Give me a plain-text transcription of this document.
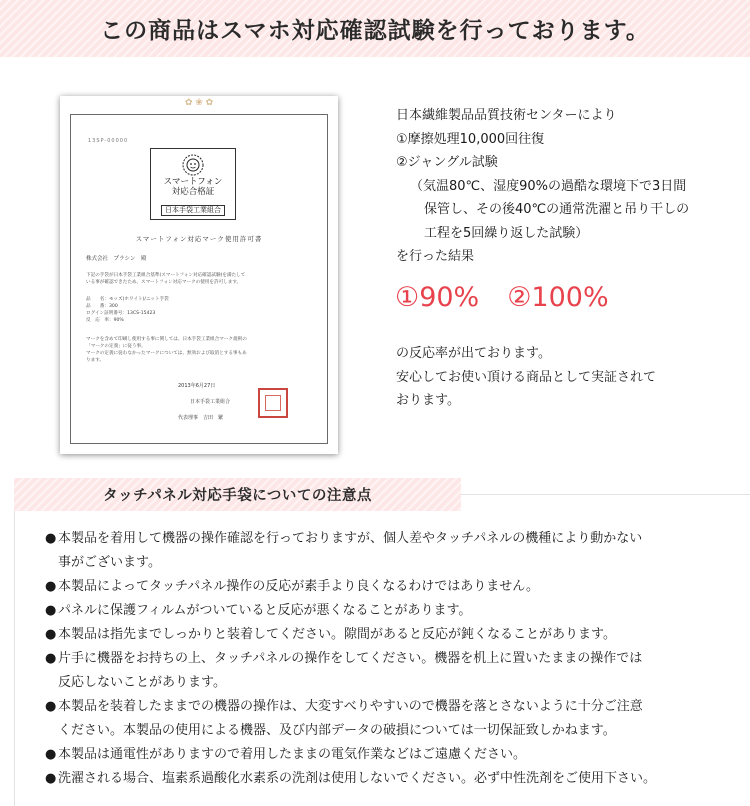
この商品はスマホ対応確認試験を行っております。
✿ ❀ ✿
13SP-00000
スマートフォン
対応合格証
日本手袋工業組合
スマートフォン対応マーク使用許可書
株式会社　プラシン　殿
下記の手袋が日本手袋工業組合基準(スマートフォン対応確認試験)を満たして
いる事が確認できたため、スマートフォン対応マークの使用を許可します。
品　　名：モッズ(ホワイト)/ニット手袋
品　　番：300
ログイン証明番号：13CS-15423
反　応　率：90%
マークを含めて印刷し使用する事に関しては、日本手袋工業組合マーク規則の
「マークの定義」に従う事。
マークの定義に従わなかったマークについては、無効および取消とする事もあ
ります。
2013年6月27日
日本手袋工業組合
代表理事　吉田　繁
日本繊維製品品質技術センターにより
①摩擦処理10,000回往復
②ジャングル試験
（気温80℃、湿度90%の過酷な環境下で3日間
保管し、その後40℃の通常洗濯と吊り干しの
工程を5回繰り返した試験）
を行った結果
①90% ②100%
の反応率が出ております。
安心してお使い頂ける商品として実証されて
おります。
タッチパネル対応手袋についての注意点
● 本製品を着用して機器の操作確認を行っておりますが、個人差やタッチパネルの機種により動かない
事がございます。
● 本製品によってタッチパネル操作の反応が素手より良くなるわけではありません。
● パネルに保護フィルムがついていると反応が悪くなることがあります。
● 本製品は指先までしっかりと装着してください。隙間があると反応が鈍くなることがあります。
● 片手に機器をお持ちの上、タッチパネルの操作をしてください。機器を机上に置いたままの操作では
反応しないことがあります。
● 本製品を装着したままでの機器の操作は、大変すべりやすいので機器を落とさないように十分ご注意
ください。本製品の使用による機器、及び内部データの破損については一切保証致しかねます。
● 本製品は通電性がありますので着用したままの電気作業などはご遠慮ください。
● 洗濯される場合、塩素系過酸化水素系の洗剤は使用しないでください。必ず中性洗剤をご使用下さい。
